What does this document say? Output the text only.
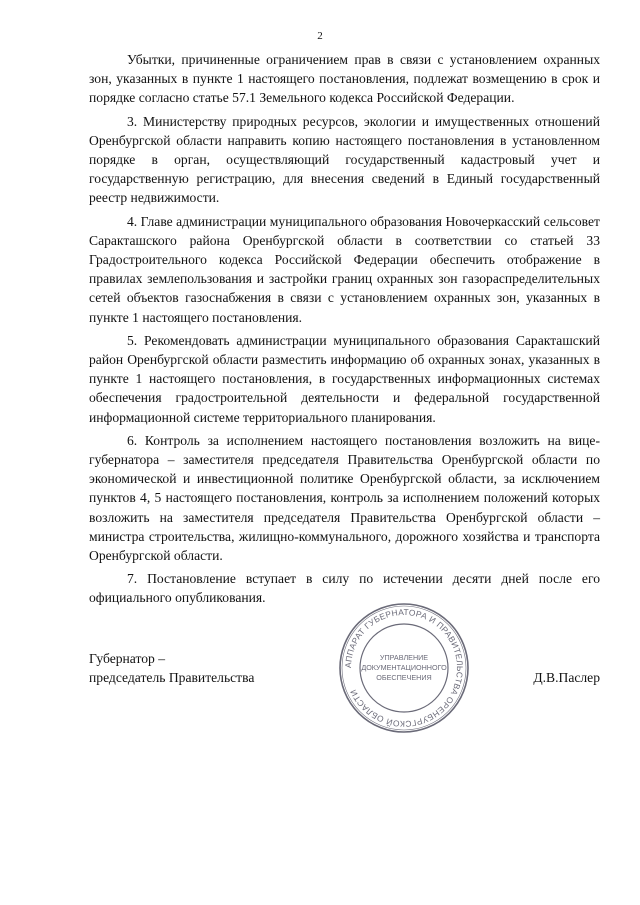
2

Убытки, причиненные ограничением прав в связи с установлением охранных зон, указанных в пункте 1 настоящего постановления, подлежат возмещению в срок и порядке согласно статье 57.1 Земельного кодекса Российской Федерации.

3. Министерству природных ресурсов, экологии и имущественных отношений Оренбургской области направить копию настоящего постановления в установленном порядке в орган, осуществляющий государственный кадастровый учет и государственную регистрацию, для внесения сведений в Единый государственный реестр недвижимости.

4. Главе администрации муниципального образования Новочеркасский сельсовет Саракташского района Оренбургской области в соответствии со статьей 33 Градостроительного кодекса Российской Федерации обеспечить отображение в правилах землепользования и застройки границ охранных зон газораспределительных сетей объектов газоснабжения в связи с установлением охранных зон, указанных в пункте 1 настоящего постановления.

5. Рекомендовать администрации муниципального образования Саракташский район Оренбургской области разместить информацию об охранных зонах, указанных в пункте 1 настоящего постановления, в государственных информационных системах обеспечения градостроительной деятельности и федеральной государственной информационной системе территориального планирования.

6. Контроль за исполнением настоящего постановления возложить на вице-губернатора – заместителя председателя Правительства Оренбургской области по экономической и инвестиционной политике Оренбургской области, за исключением пунктов 4, 5 настоящего постановления, контроль за исполнением положений которых возложить на заместителя председателя Правительства Оренбургской области – министра строительства, жилищно-коммунального, дорожного хозяйства и транспорта Оренбургской области.

7. Постановление вступает в силу по истечении десяти дней после его официального опубликования.

Губернатор –
председатель Правительства
АППАРАТ ГУБЕРНАТОРА И ПРАВИТЕЛЬСТВА ОРЕНБУРГСКОЙ ОБЛАСТИ
УПРАВЛЕНИЕ
ДОКУМЕНТАЦИОННОГО
ОБЕСПЕЧЕНИЯ	Д.В.Паслер
